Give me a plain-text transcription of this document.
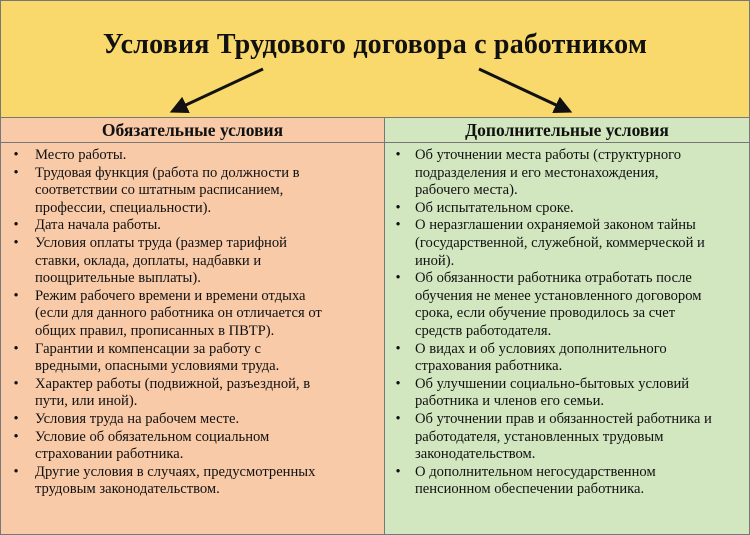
Условия Трудового договора с работником
Обязательные условия
• Место работы.
• Трудовая функция (работа по должности в
соответствии со штатным расписанием,
профессии, специальности).
• Дата начала работы.
• Условия оплаты труда (размер тарифной
ставки, оклада, доплаты, надбавки и
поощрительные выплаты).
• Режим рабочего времени и времени отдыха
(если для данного работника он отличается от
общих правил, прописанных в ПВТР).
• Гарантии и компенсации за работу с
вредными, опасными условиями труда.
• Характер работы (подвижной, разъездной, в
пути, или иной).
• Условия труда на рабочем месте.
• Условие об обязательном социальном
страховании работника.
• Другие условия в случаях, предусмотренных
трудовым законодательством.
Дополнительные условия
• Об уточнении места работы (структурного
подразделения и его местонахождения,
рабочего места).
• Об испытательном сроке.
• О неразглашении охраняемой законом тайны
(государственной, служебной, коммерческой и
иной).
• Об обязанности работника отработать после
обучения не менее установленного договором
срока, если обучение проводилось за счет
средств работодателя.
• О видах и об условиях дополнительного
страхования работника.
• Об улучшении социально-бытовых условий
работника и членов его семьи.
• Об уточнении прав и обязанностей работника и
работодателя, установленных трудовым
законодательством.
• О дополнительном негосударственном
пенсионном обеспечении работника.
